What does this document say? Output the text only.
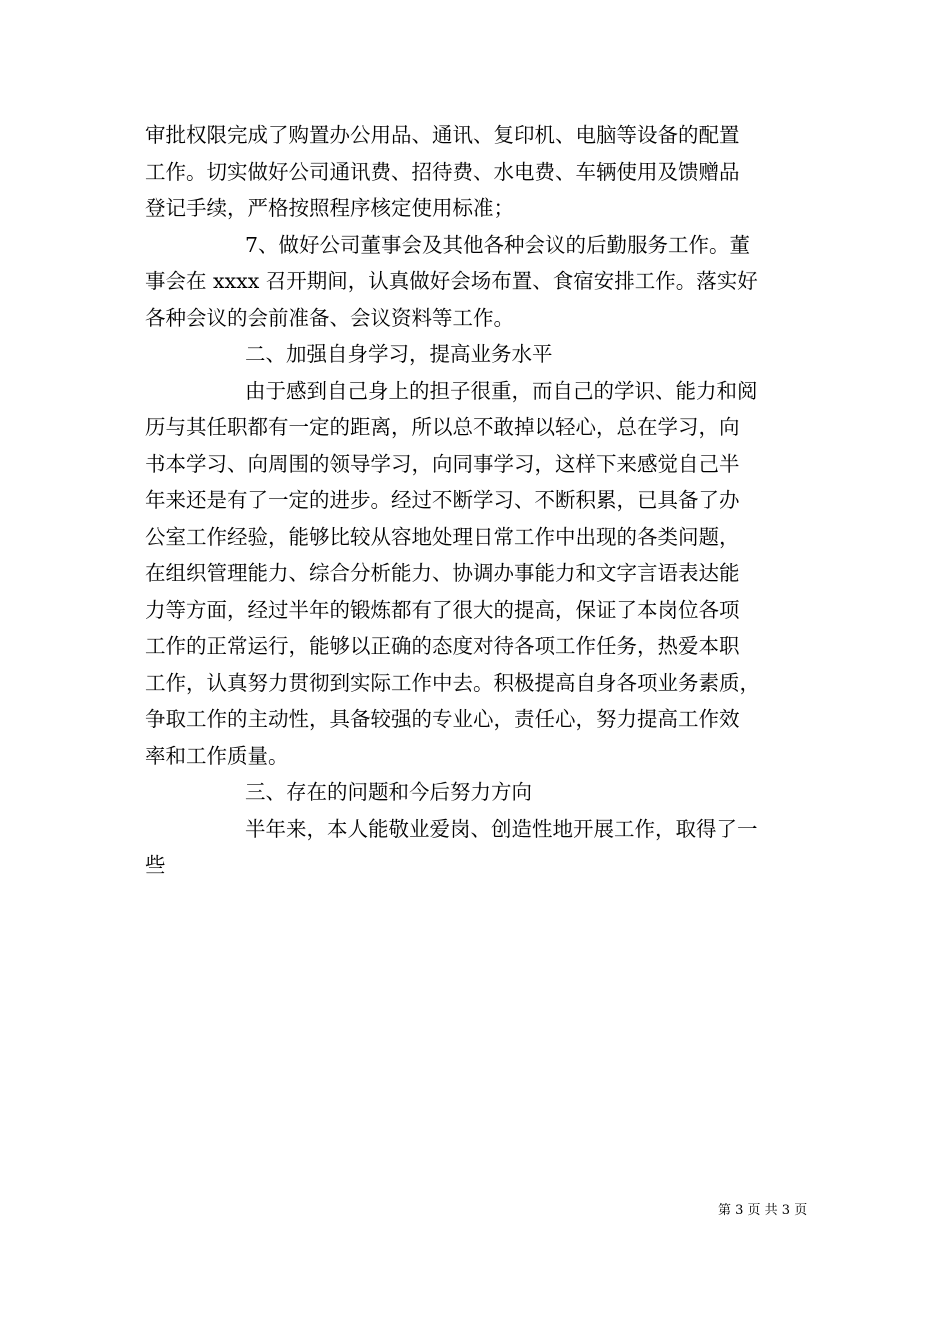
审批权限完成了购置办公用品、通讯、复印机、电脑等设备的配置
工作。切实做好公司通讯费、招待费、水电费、车辆使用及馈赠品
登记手续，严格按照程序核定使用标准；
7、做好公司董事会及其他各种会议的后勤服务工作。董
事会在 xxxx 召开期间，认真做好会场布置、食宿安排工作。落实好
各种会议的会前准备、会议资料等工作。
二、加强自身学习，提高业务水平
由于感到自己身上的担子很重，而自己的学识、能力和阅
历与其任职都有一定的距离，所以总不敢掉以轻心，总在学习，向
书本学习、向周围的领导学习，向同事学习，这样下来感觉自己半
年来还是有了一定的进步。经过不断学习、不断积累，已具备了办
公室工作经验，能够比较从容地处理日常工作中出现的各类问题，
在组织管理能力、综合分析能力、协调办事能力和文字言语表达能
力等方面，经过半年的锻炼都有了很大的提高，保证了本岗位各项
工作的正常运行，能够以正确的态度对待各项工作任务，热爱本职
工作，认真努力贯彻到实际工作中去。积极提高自身各项业务素质，
争取工作的主动性，具备较强的专业心，责任心，努力提高工作效
率和工作质量。
三、存在的问题和今后努力方向
半年来，本人能敬业爱岗、创造性地开展工作，取得了一
些
第 3 页 共 3 页
